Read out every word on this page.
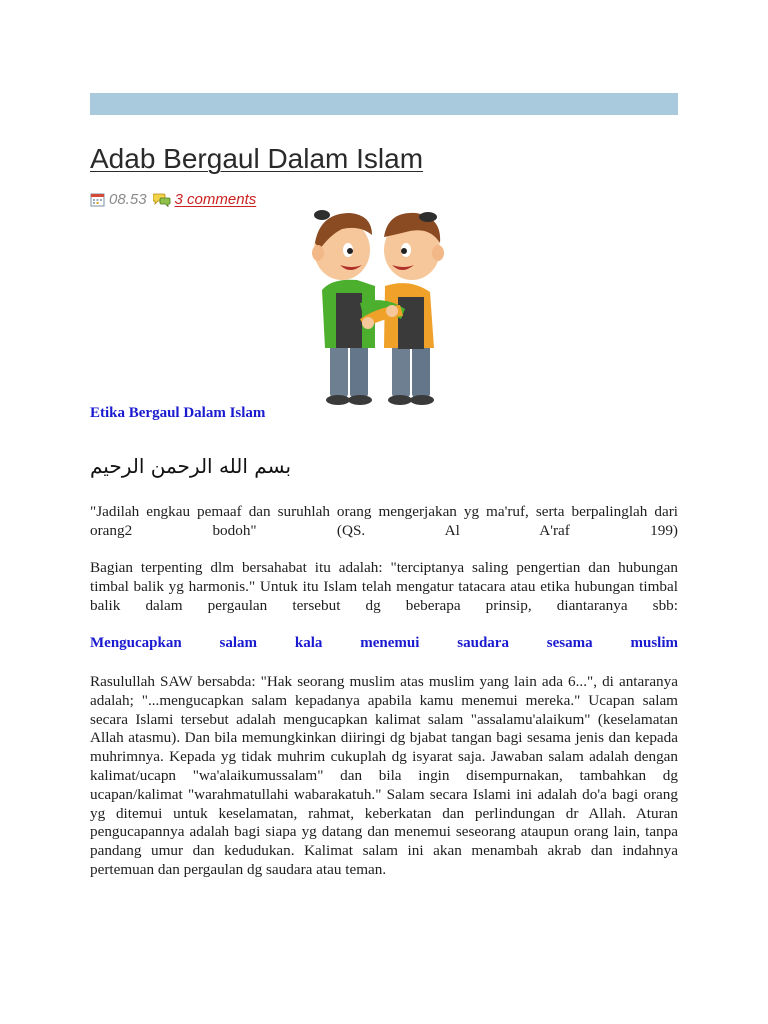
Adab Bergaul Dalam Islam
08.53 3 comments
Etika Bergaul Dalam Islam
بسم الله الرحمن الرحيم

"Jadilah engkau pemaaf dan suruhlah orang mengerjakan yg ma'ruf, serta berpalinglah dari orang2 bodoh" (QS. Al A'raf 199)

Bagian terpenting dlm bersahabat itu adalah: "terciptanya saling pengertian dan hubungan timbal balik yg harmonis." Untuk itu Islam telah mengatur tatacara atau etika hubungan timbal balik dalam pergaulan tersebut dg beberapa prinsip, diantaranya sbb:

Mengucapkan salam kala menemui saudara sesama muslim

Rasulullah SAW bersabda: "Hak seorang muslim atas muslim yang lain ada 6...", di antaranya adalah; "...mengucapkan salam kepadanya apabila kamu menemui mereka." Ucapan salam secara Islami tersebut adalah mengucapkan kalimat salam "assalamu'alaikum" (keselamatan Allah atasmu). Dan bila memungkinkan diiringi dg bjabat tangan bagi sesama jenis dan kepada muhrimnya. Kepada yg tidak muhrim cukuplah dg isyarat saja. Jawaban salam adalah dengan kalimat/ucapn "wa'alaikumussalam" dan bila ingin disempurnakan, tambahkan dg ucapan/kalimat "warahmatullahi wabarakatuh." Salam secara Islami ini adalah do'a bagi orang yg ditemui untuk keselamatan, rahmat, keberkatan dan perlindungan dr Allah. Aturan pengucapannya adalah bagi siapa yg datang dan menemui seseorang ataupun orang lain, tanpa pandang umur dan kedudukan. Kalimat salam ini akan menambah akrab dan indahnya pertemuan dan pergaulan dg saudara atau teman.
